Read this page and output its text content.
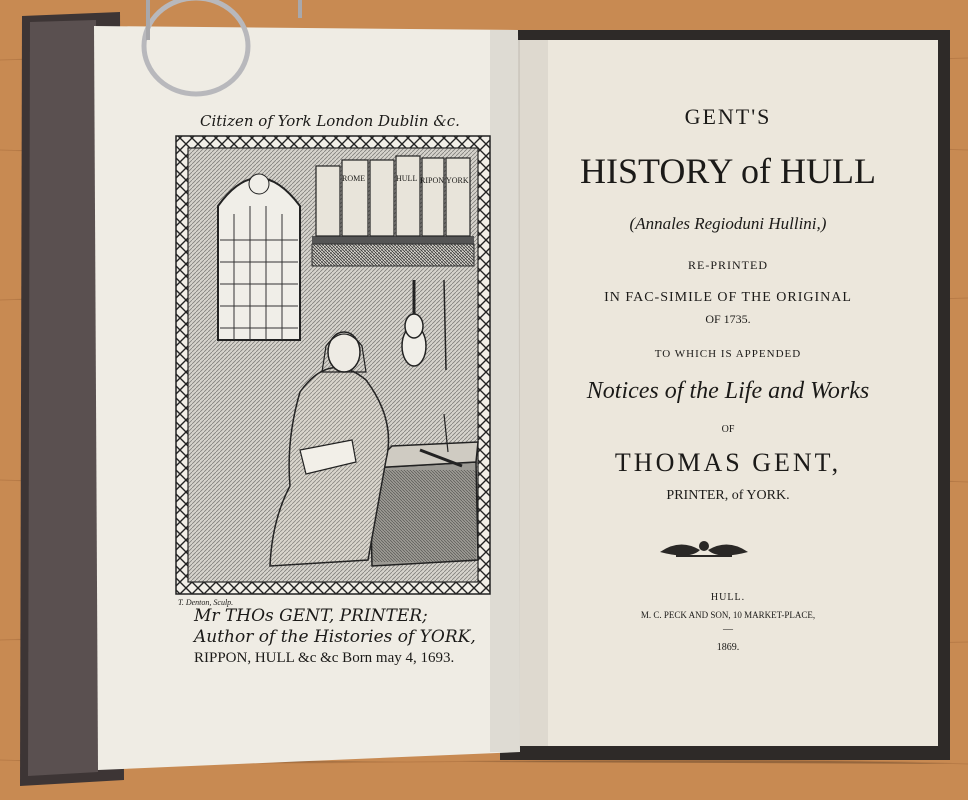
Citizen of York London Dublin &c.
ROME	HULL RIPON YORK
T. Denton, Sculp.
Mr THOs GENT, PRINTER;
Author of the Histories of YORK,
RIPPON, HULL &c &c Born may 4, 1693.
GENT'S
HISTORY of HULL
(Annales Regioduni Hullini,)
RE-PRINTED
IN FAC-SIMILE OF THE ORIGINAL
OF 1735.
TO WHICH IS APPENDED
Notices of the Life and Works
OF
THOMAS GENT,
PRINTER, of YORK.
HULL.
M. C. PECK AND SON, 10 MARKET-PLACE,
—
1869.
